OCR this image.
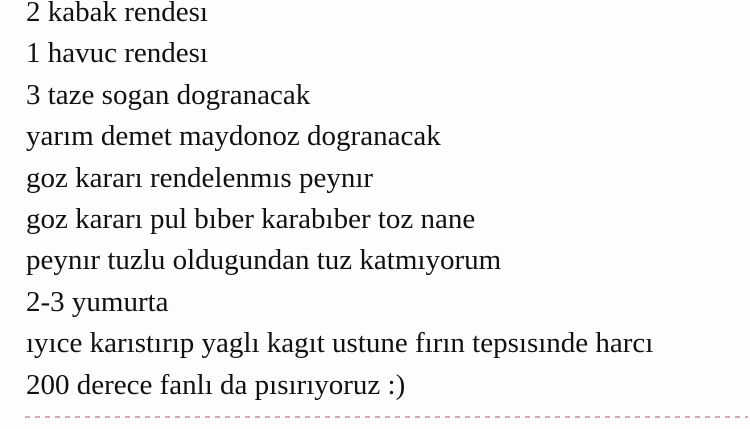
2 kabak rendesı
1 havuc rendesı
3 taze sogan dogranacak
yarım demet maydonoz dogranacak
goz kararı rendelenmıs peynır
goz kararı pul bıber karabıber toz nane
peynır tuzlu oldugundan tuz katmıyorum
2-3 yumurta
ıyıce karıstırıp yaglı kagıt ustune fırın tepsısınde harcı
200 derece fanlı da pısırıyoruz :)
